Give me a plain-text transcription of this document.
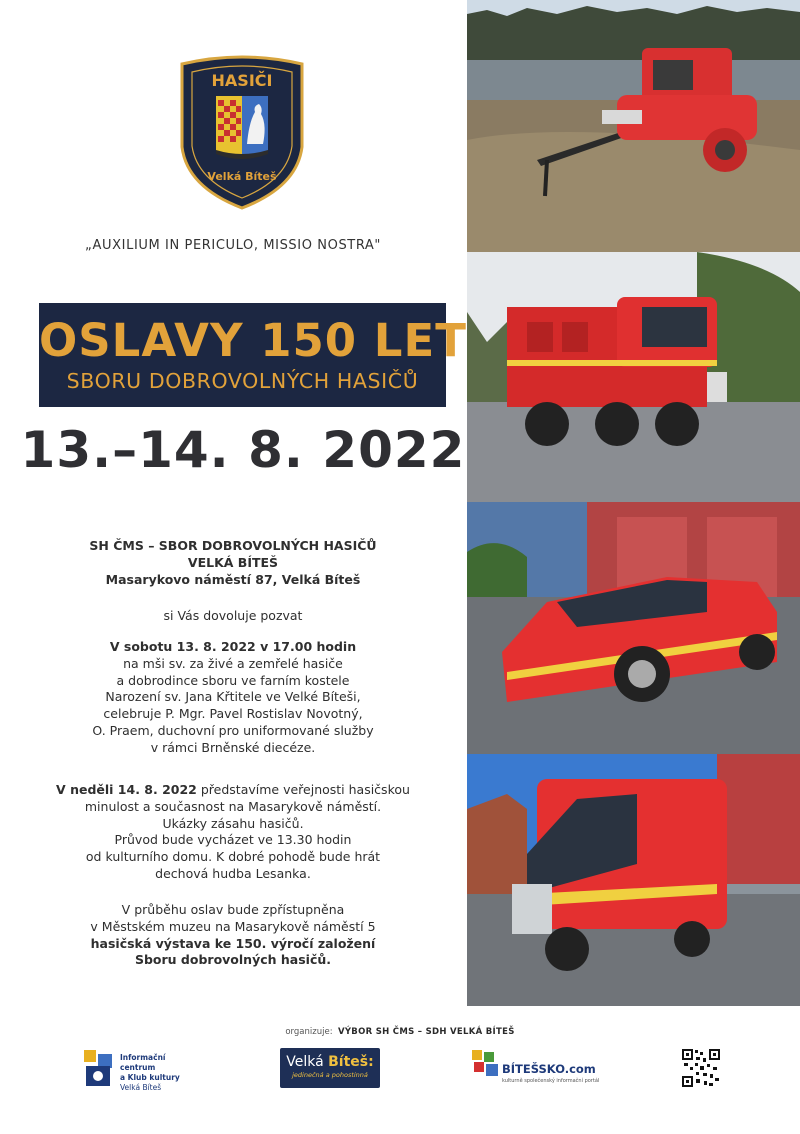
HASIČI
Velká Bíteš
„AUXILIUM IN PERICULO, MISSIO NOSTRA"
OSLAVY 150 LET
SBORU DOBROVOLNÝCH HASIČŮ
13.–14. 8. 2022

SH ČMS – SBOR DOBROVOLNÝCH HASIČŮ

VELKÁ BÍTEŠ

Masarykovo náměstí 87, Velká Bíteš

si Vás dovoluje pozvat

V sobotu 13. 8. 2022 v 17.00 hodin

na mši sv. za živé a zemřelé hasiče

a dobrodince sboru ve farním kostele

Narození sv. Jana Křtitele ve Velké Bíteši,

celebruje P. Mgr. Pavel Rostislav Novotný,

O. Praem, duchovní pro uniformované služby

v rámci Brněnské diecéze.

V neděli 14. 8. 2022 představíme veřejnosti hasičskou

minulost a současnost na Masarykově náměstí.

Ukázky zásahu hasičů.

Průvod bude vycházet ve 13.30 hodin

od kulturního domu. K dobré pohodě bude hrát

dechová hudba Lesanka.

V průběhu oslav bude zpřístupněna

v Městském muzeu na Masarykově náměstí 5

hasičská výstava ke 150. výročí založení

Sboru dobrovolných hasičů.

organizuje: VÝBOR SH ČMS – SDH VELKÁ BÍTEŠ
Informační centrum
a Klub kultury
Velká Bíteš
Velká Bíteš:
jedinečná a pohostinná	BÍTEŠSKO.com
kulturně společenský informační portál
